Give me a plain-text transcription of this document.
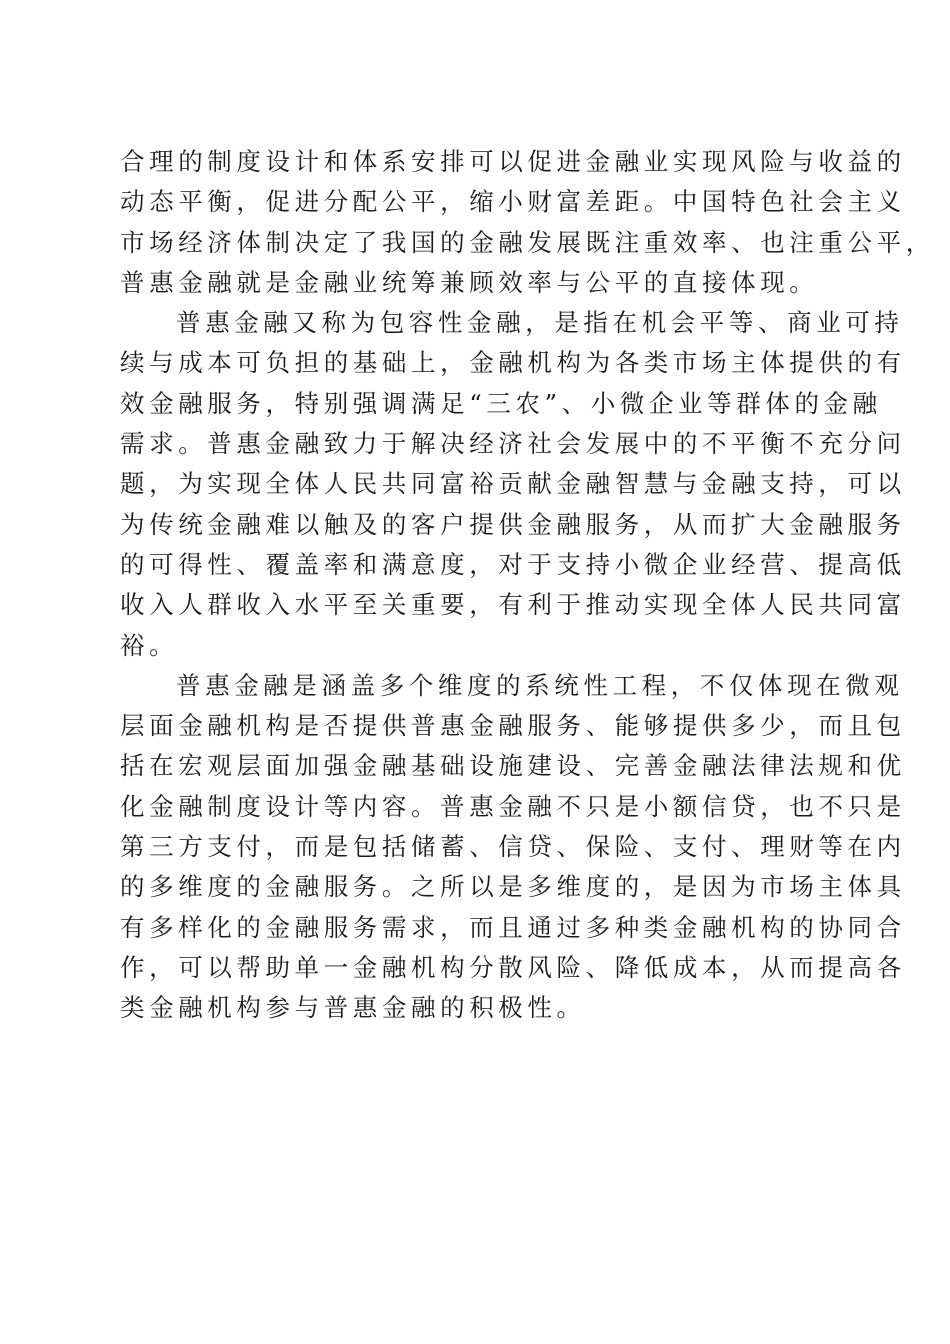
合理的制度设计和体系安排可以促进金融业实现风险与收益的
动态平衡，促进分配公平，缩小财富差距。中国特色社会主义
市场经济体制决定了我国的金融发展既注重效率、也注重公平，
普惠金融就是金融业统筹兼顾效率与公平的直接体现。
普惠金融又称为包容性金融，是指在机会平等、商业可持
续与成本可负担的基础上，金融机构为各类市场主体提供的有
效金融服务，特别强调满足“三农”、小微企业等群体的金融
需求。普惠金融致力于解决经济社会发展中的不平衡不充分问
题，为实现全体人民共同富裕贡献金融智慧与金融支持，可以
为传统金融难以触及的客户提供金融服务，从而扩大金融服务
的可得性、覆盖率和满意度，对于支持小微企业经营、提高低
收入人群收入水平至关重要，有利于推动实现全体人民共同富
裕。
普惠金融是涵盖多个维度的系统性工程，不仅体现在微观
层面金融机构是否提供普惠金融服务、能够提供多少，而且包
括在宏观层面加强金融基础设施建设、完善金融法律法规和优
化金融制度设计等内容。普惠金融不只是小额信贷，也不只是
第三方支付，而是包括储蓄、信贷、保险、支付、理财等在内
的多维度的金融服务。之所以是多维度的，是因为市场主体具
有多样化的金融服务需求，而且通过多种类金融机构的协同合
作，可以帮助单一金融机构分散风险、降低成本，从而提高各
类金融机构参与普惠金融的积极性。
